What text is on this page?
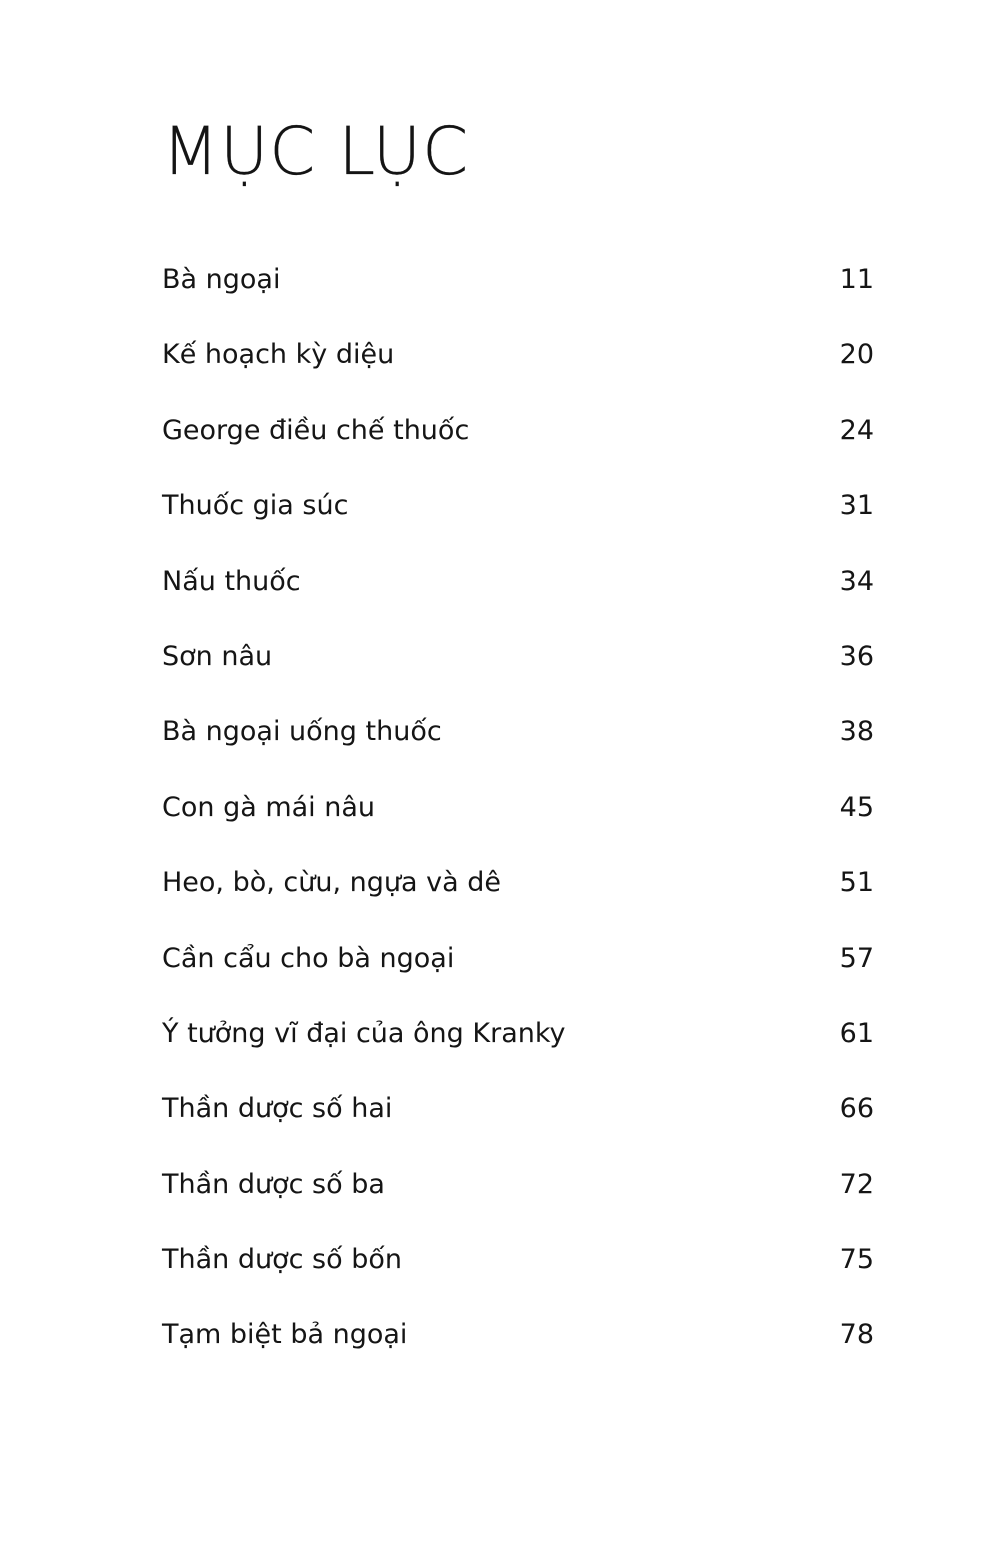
MỤC LỤC
Bà ngoại	11
Kế hoạch kỳ diệu	20
George điều chế thuốc	24
Thuốc gia súc	31
Nấu thuốc	34
Sơn nâu	36
Bà ngoại uống thuốc	38
Con gà mái nâu	45
Heo, bò, cừu, ngựa và dê	51
Cần cẩu cho bà ngoại	57
Ý tưởng vĩ đại của ông Kranky	61
Thần dược số hai	66
Thần dược số ba	72
Thần dược số bốn	75
Tạm biệt bả ngoại	78
